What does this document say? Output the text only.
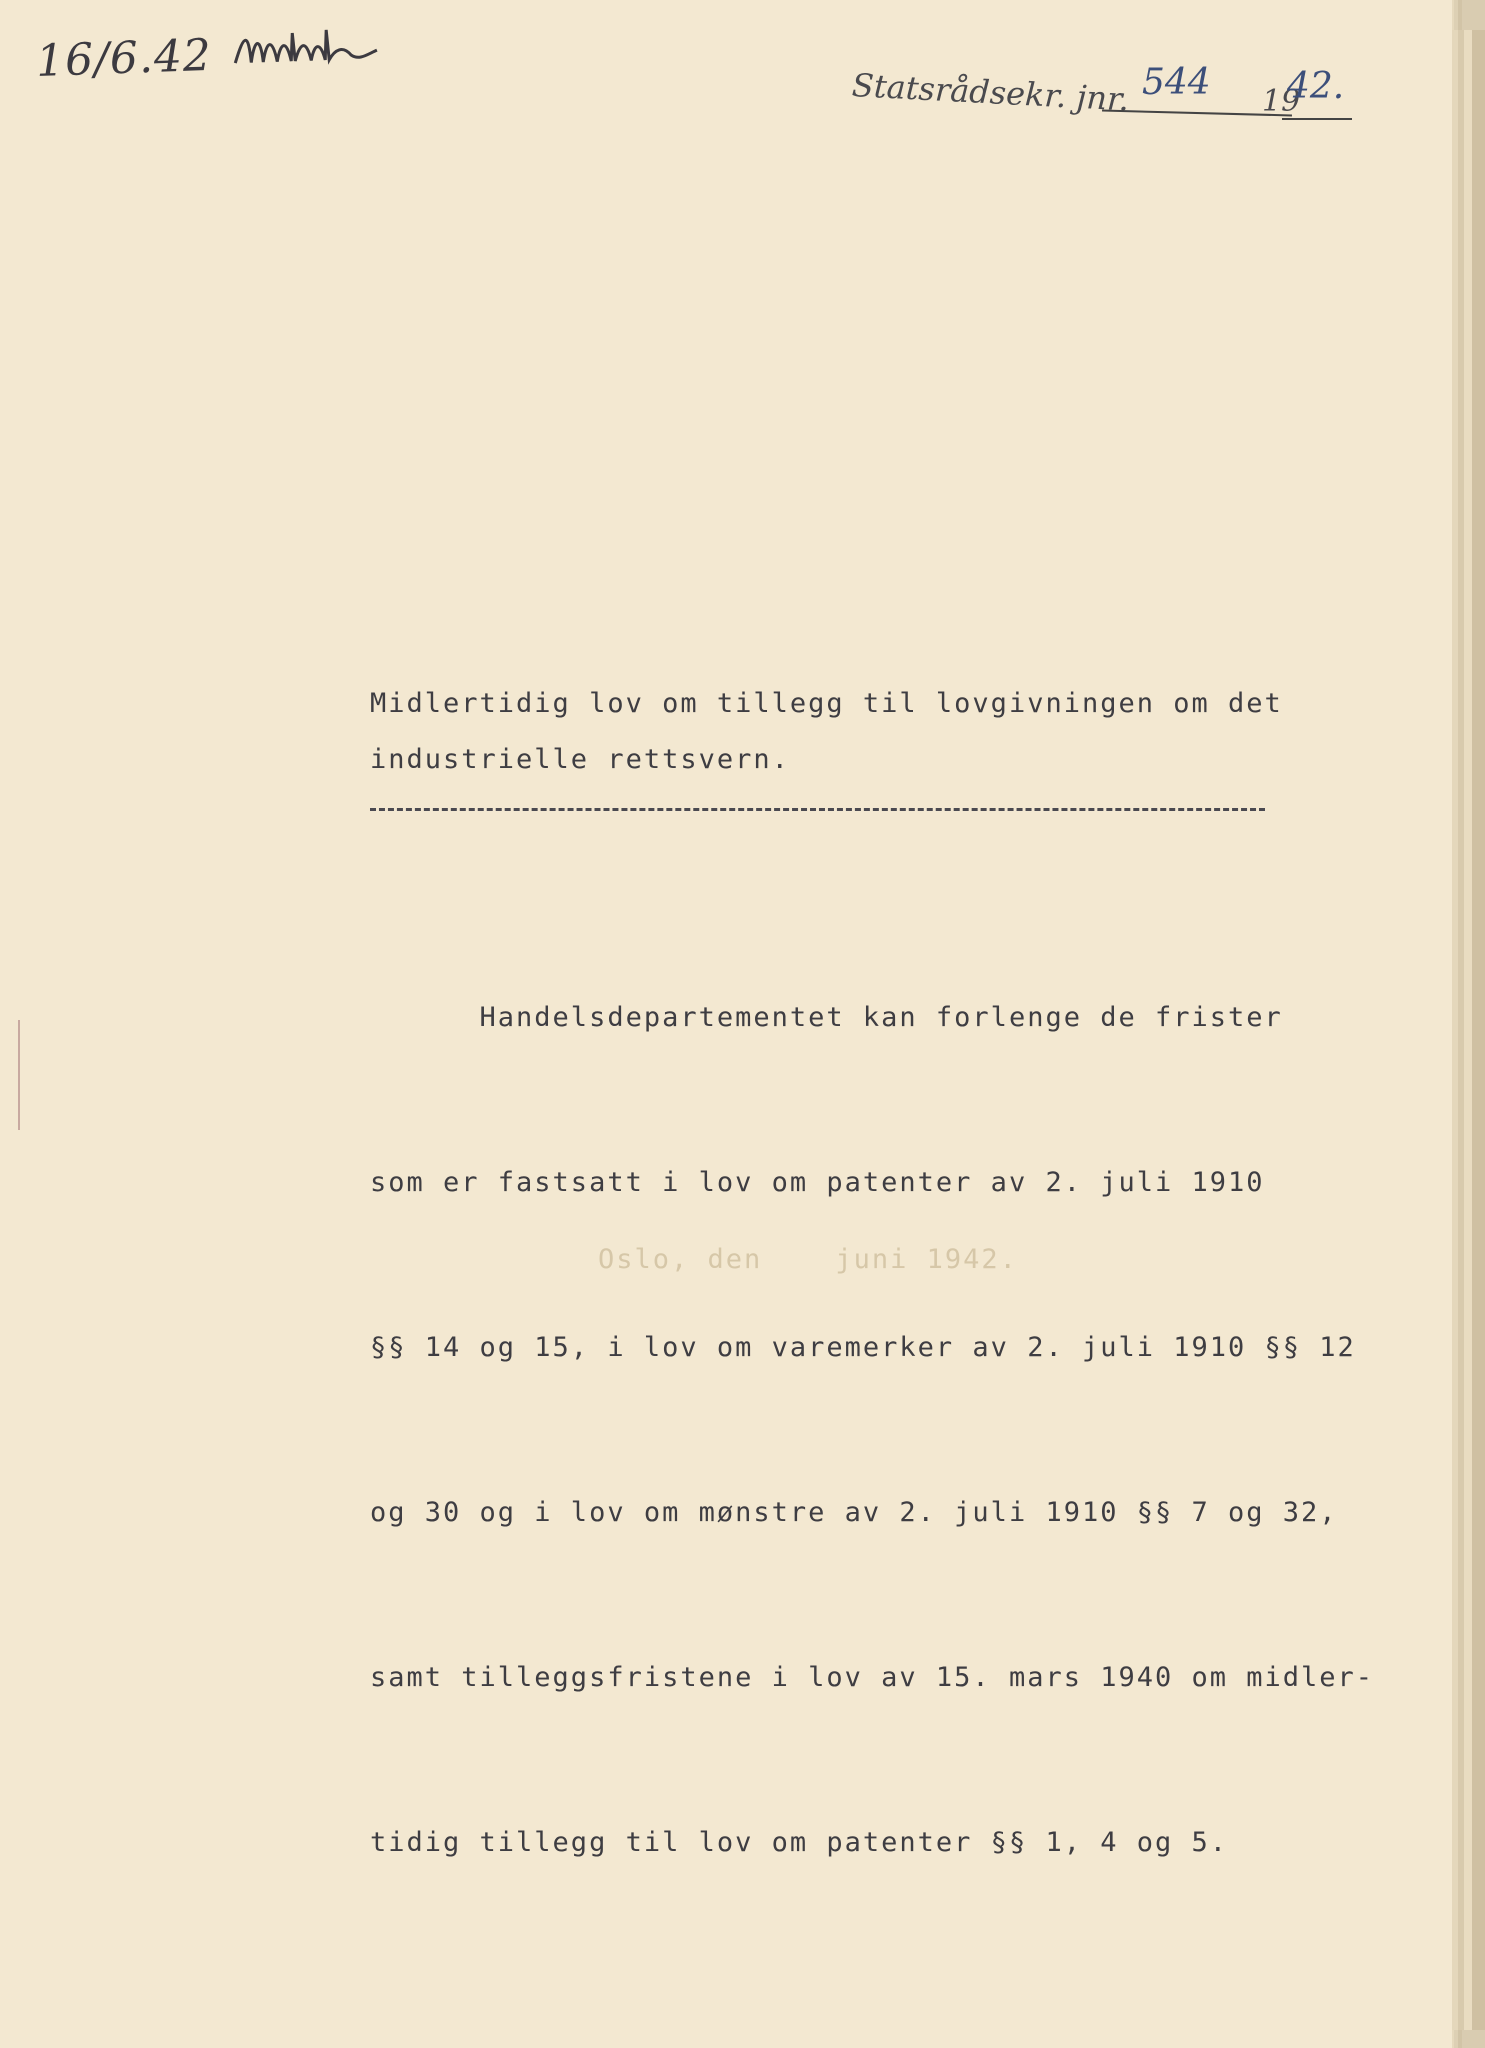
16/6.42
Statsrådsekr. jnr. 544 19
42.
Midlertidig lov om tillegg til lovgivningen om det
industrielle rettsvern.

Handelsdepartementet kan forlenge de frister

som er fastsatt i lov om patenter av 2. juli 1910

§§ 14 og 15, i lov om varemerker av 2. juli 1910 §§ 12

og 30 og i lov om mønstre av 2. juli 1910 §§ 7 og 32,

samt tilleggsfristene i lov av 15. mars 1940 om midler-

tidig tillegg til lov om patenter §§ 1, 4 og 5.

Oslo, den    juni 1942.
